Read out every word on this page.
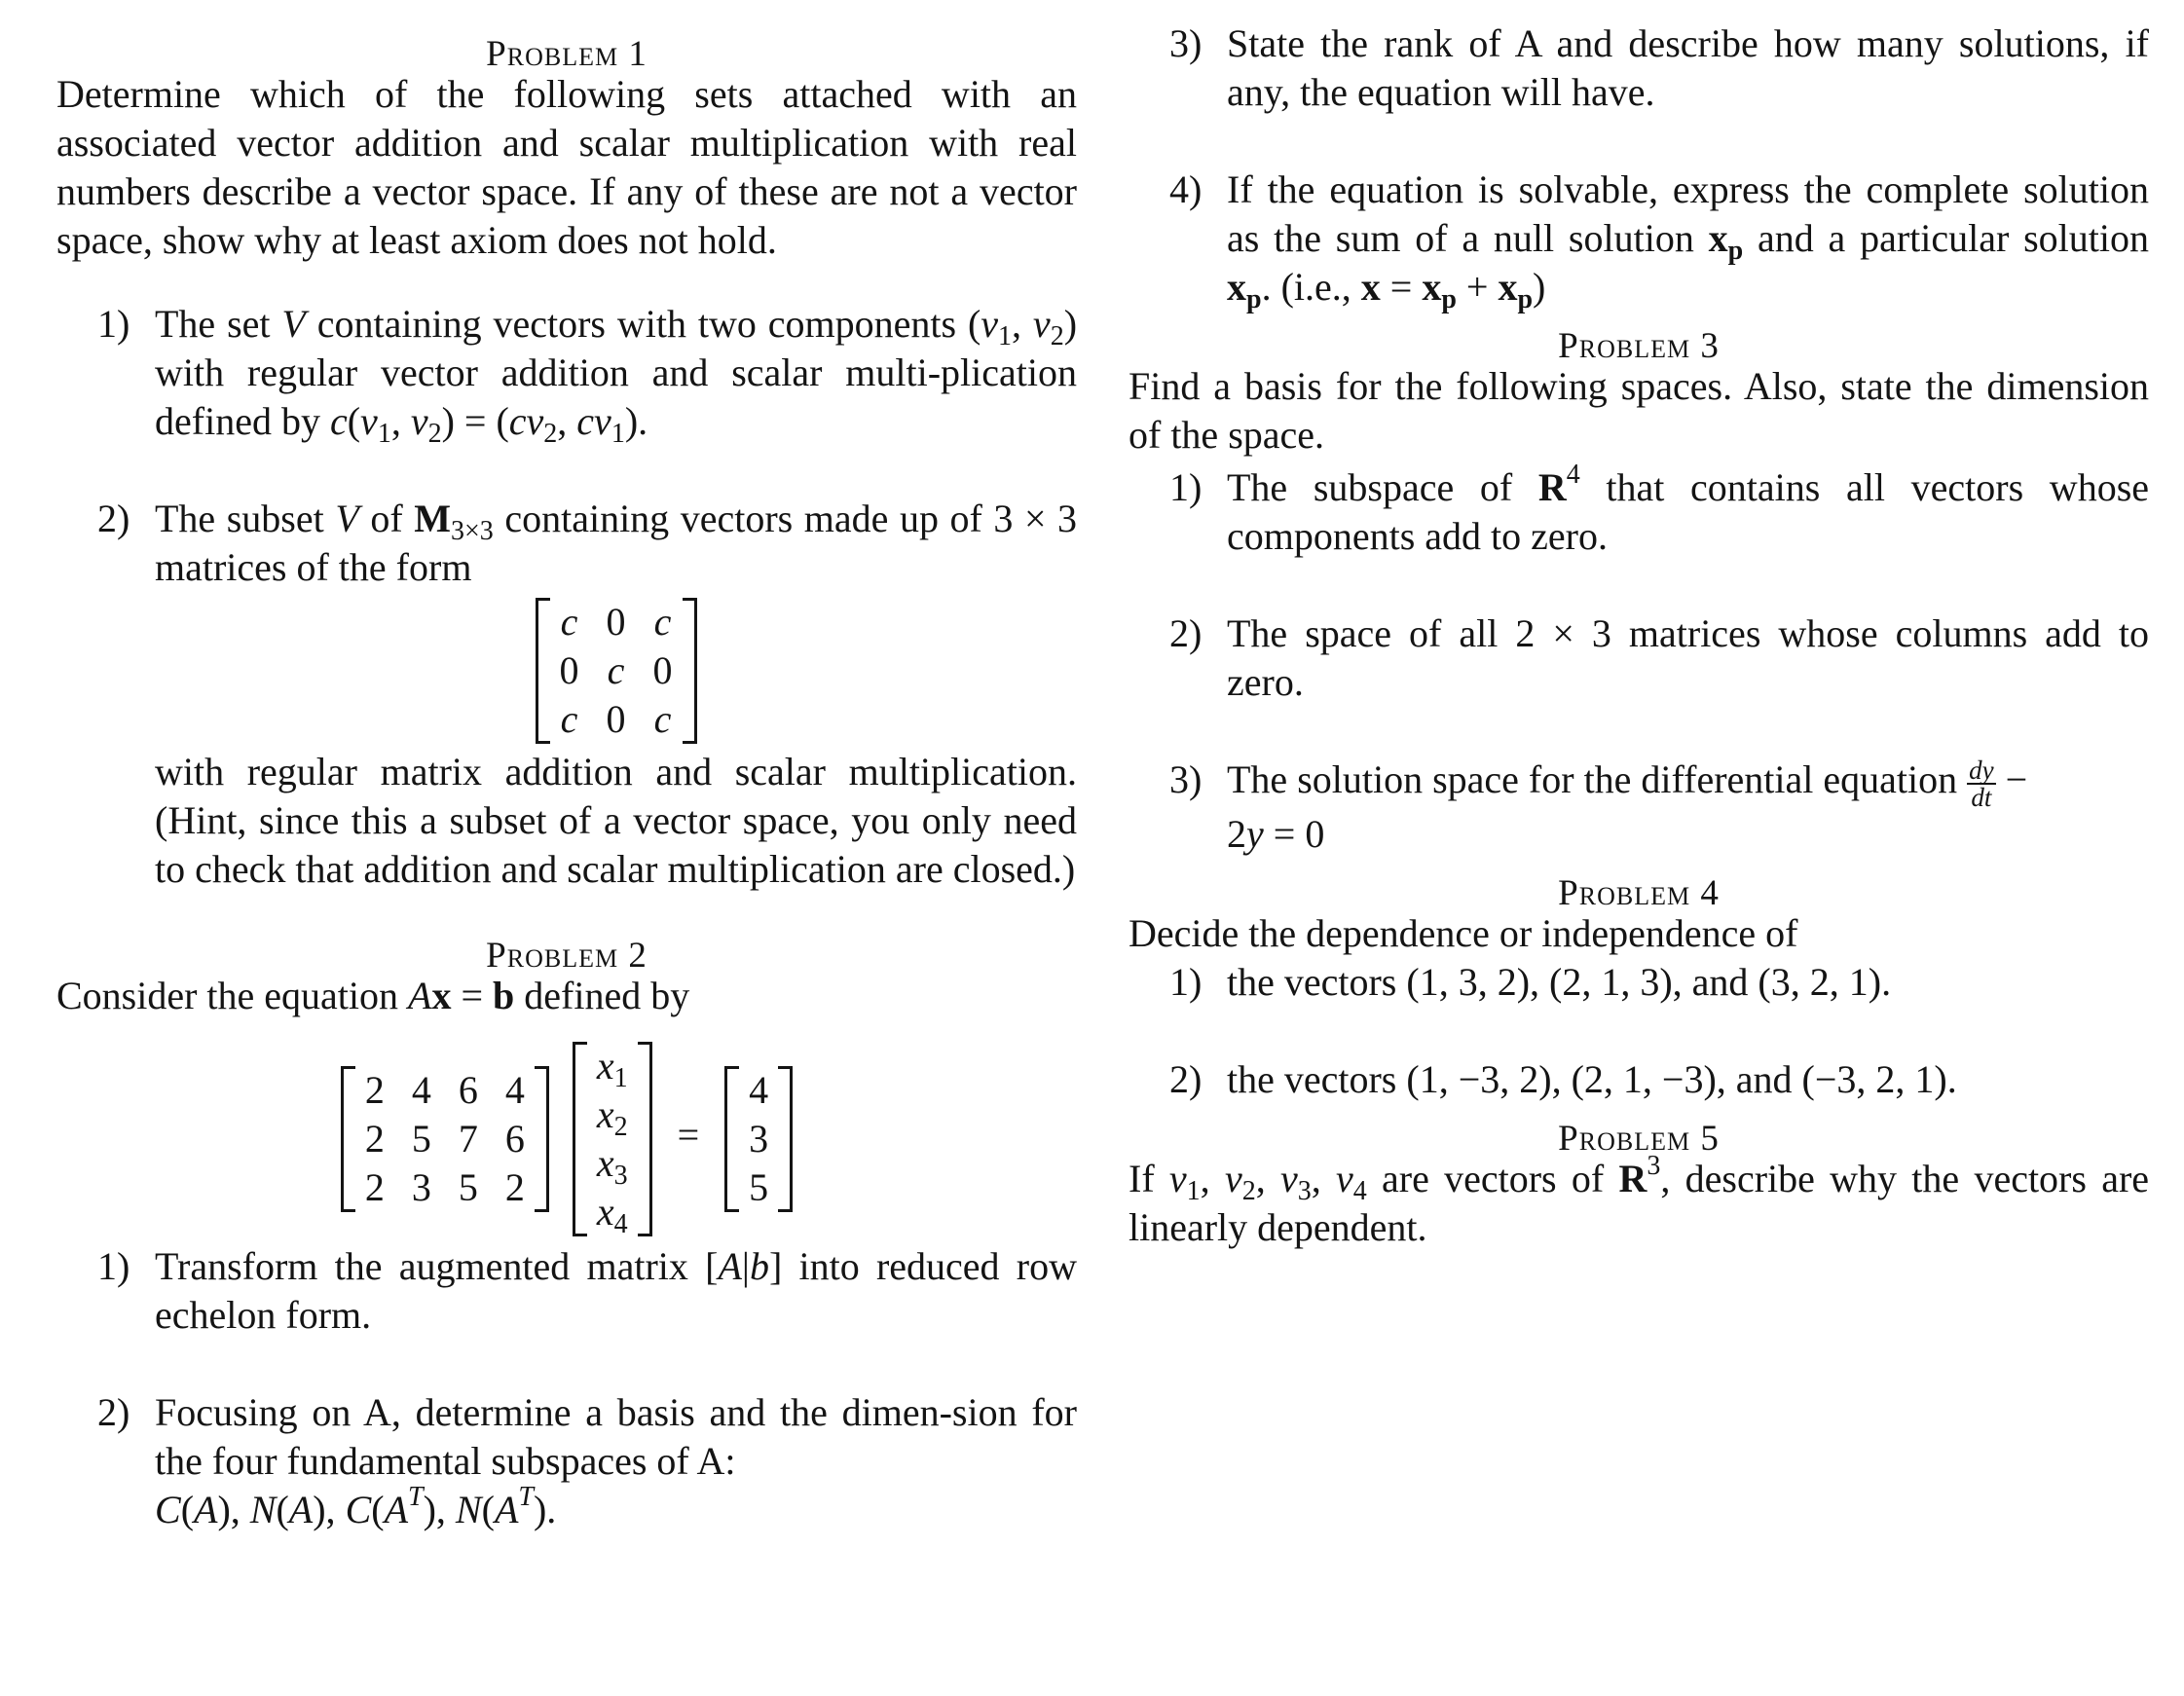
Problem 1

Determine which of the following sets attached with an associated vector addition and scalar multiplication with real numbers describe a vector space. If any of these are not a vector space, show why at least axiom does not hold.

1) The set V containing vectors with two components ($v_1$, $v_2$) with regular vector addition and scalar multi-plication defined by $c(v_1$, $v_2) = (cv_2$, $cv_1$).

2) The subset V of $M_{3\times 3}$ containing vectors made up of 3 × 3 matrices of the form

c	0	c
0	c	0
c	0	c

with regular matrix addition and scalar multiplication. (Hint, since this a subset of a vector space, you only need to check that addition and scalar multiplication are closed.)

Problem 2

Consider the equation Ax = b defined by

2	4	6	4
2	5	7	6
2	3	5	2

$x_1$
$x_2$
$x_3$
$x_4$
=
4
3
5

1) Transform the augmented matrix [A|b] into reduced row echelon form.

2) Focusing on A, determine a basis and the dimen-sion for the four fundamental subspaces of A:
C(A), N(A), $C(A^T)$, $N(A^T)$.

3) State the rank of A and describe how many solutions, if any, the equation will have.

4) If the equation is solvable, express the complete solution as the sum of a null solution $x_p$ and a particular solution $x_p$. (i.e., $x = x_p + x_p$)

Problem 3

Find a basis for the following spaces. Also, state the dimension of the space.

1) The subspace of $R^4$ that contains all vectors whose components add to zero.

2) The space of all 2 × 3 matrices whose columns add to zero.

3) The solution space for the differential equation $\frac{dy}{dt}$ −
2y = 0

Problem 4

Decide the dependence or independence of

1) the vectors (1, 3, 2), (2, 1, 3), and (3, 2, 1).

2) the vectors (1, −3, 2), (2, 1, −3), and (−3, 2, 1).

Problem 5

If $v_1$, $v_2$, $v_3$, $v_4$ are vectors of $R^3$, describe why the vectors are linearly dependent.
